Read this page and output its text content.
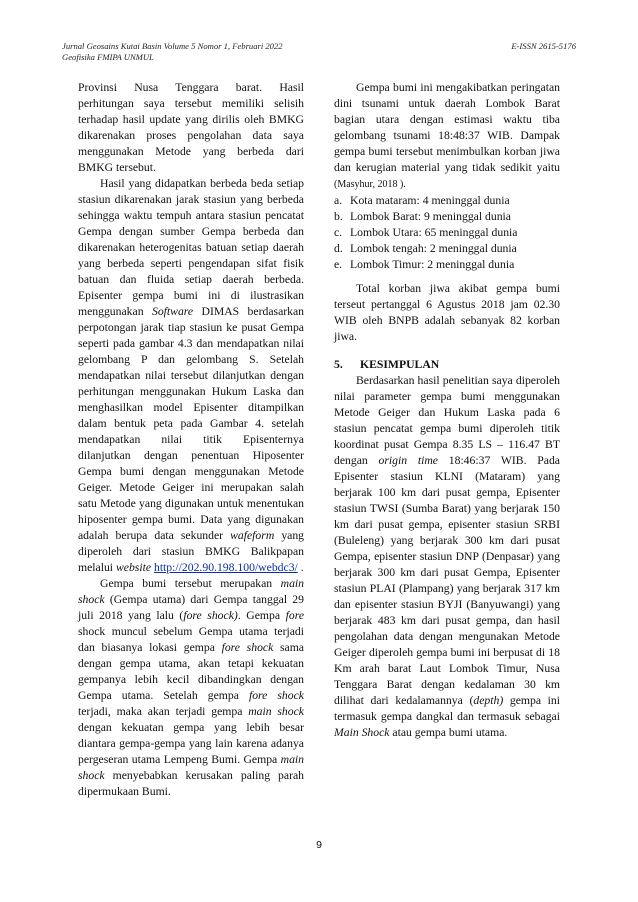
Jurnal Geosains Kutai Basin Volume 5 Nomor 1, Februari 2022
Geofisika FMIPA UNMUL
E-ISSN 2615-5176

Provinsi Nusa Tenggara barat. Hasil perhitungan saya tersebut memiliki selisih terhadap hasil update yang dirilis oleh BMKG dikarenakan proses pengolahan data saya menggunakan Metode yang berbeda dari BMKG tersebut.

Hasil yang didapatkan berbeda beda setiap stasiun dikarenakan jarak stasiun yang berbeda sehingga waktu tempuh antara stasiun pencatat Gempa dengan sumber Gempa berbeda dan dikarenakan heterogenitas batuan setiap daerah yang berbeda seperti pengendapan sifat fisik batuan dan fluida setiap daerah berbeda. Episenter gempa bumi ini di ilustrasikan menggunakan Software DIMAS berdasarkan perpotongan jarak tiap stasiun ke pusat Gempa seperti pada gambar 4.3 dan mendapatkan nilai gelombang P dan gelombang S. Setelah mendapatkan nilai tersebut dilanjutkan dengan perhitungan menggunakan Hukum Laska dan menghasilkan model Episenter ditampilkan dalam bentuk peta pada Gambar 4. setelah mendapatkan nilai titik Episenternya dilanjutkan dengan penentuan Hiposenter Gempa bumi dengan menggunakan Metode Geiger. Metode Geiger ini merupakan salah satu Metode yang digunakan untuk menentukan hiposenter gempa bumi. Data yang digunakan adalah berupa data sekunder wafeform yang diperoleh dari stasiun BMKG Balikpapan melalui website http://202.90.198.100/webdc3/ .

Gempa bumi tersebut merupakan main shock (Gempa utama) dari Gempa tanggal 29 juli 2018 yang lalu (fore shock). Gempa fore shock muncul sebelum Gempa utama terjadi dan biasanya lokasi gempa fore shock sama dengan gempa utama, akan tetapi kekuatan gempanya lebih kecil dibandingkan dengan Gempa utama. Setelah gempa fore shock terjadi, maka akan terjadi gempa main shock dengan kekuatan gempa yang lebih besar diantara gempa-gempa yang lain karena adanya pergeseran utama Lempeng Bumi. Gempa main shock menyebabkan kerusakan paling parah dipermukaan Bumi.

Gempa bumi ini mengakibatkan peringatan dini tsunami untuk daerah Lombok Barat bagian utara dengan estimasi waktu tiba gelombang tsunami 18:48:37 WIB. Dampak gempa bumi tersebut menimbulkan korban jiwa dan kerugian material yang tidak sedikit yaitu (Masyhur, 2018 ).

a. Kota mataram: 4 meninggal dunia
b. Lombok Barat: 9 meninggal dunia
c. Lombok Utara: 65 meninggal dunia
d. Lombok tengah: 2 meninggal dunia
e. Lombok Timur: 2 meninggal dunia

Total korban jiwa akibat gempa bumi terseut pertanggal 6 Agustus 2018 jam 02.30 WIB oleh BNPB adalah sebanyak 82 korban jiwa.

5.	KESIMPULAN

Berdasarkan hasil penelitian saya diperoleh nilai parameter gempa bumi menggunakan Metode Geiger dan Hukum Laska pada 6 stasiun pencatat gempa bumi diperoleh titik koordinat pusat Gempa 8.35 LS – 116.47 BT dengan origin time 18:46:37 WIB. Pada Episenter stasiun KLNI (Mataram) yang berjarak 100 km dari pusat gempa, Episenter stasiun TWSI (Sumba Barat) yang berjarak 150 km dari pusat gempa, episenter stasiun SRBI (Buleleng) yang berjarak 300 km dari pusat Gempa, episenter stasiun DNP (Denpasar) yang berjarak 300 km dari pusat Gempa, Episenter stasiun PLAI (Plampang) yang berjarak 317 km dan episenter stasiun BYJI (Banyuwangi) yang berjarak 483 km dari pusat gempa, dan hasil pengolahan data dengan mengunakan Metode Geiger diperoleh gempa bumi ini berpusat di 18 Km arah barat Laut Lombok Timur, Nusa Tenggara Barat dengan kedalaman 30 km dilihat dari kedalamannya (depth) gempa ini termasuk gempa dangkal dan termasuk sebagai Main Shock atau gempa bumi utama.

9
